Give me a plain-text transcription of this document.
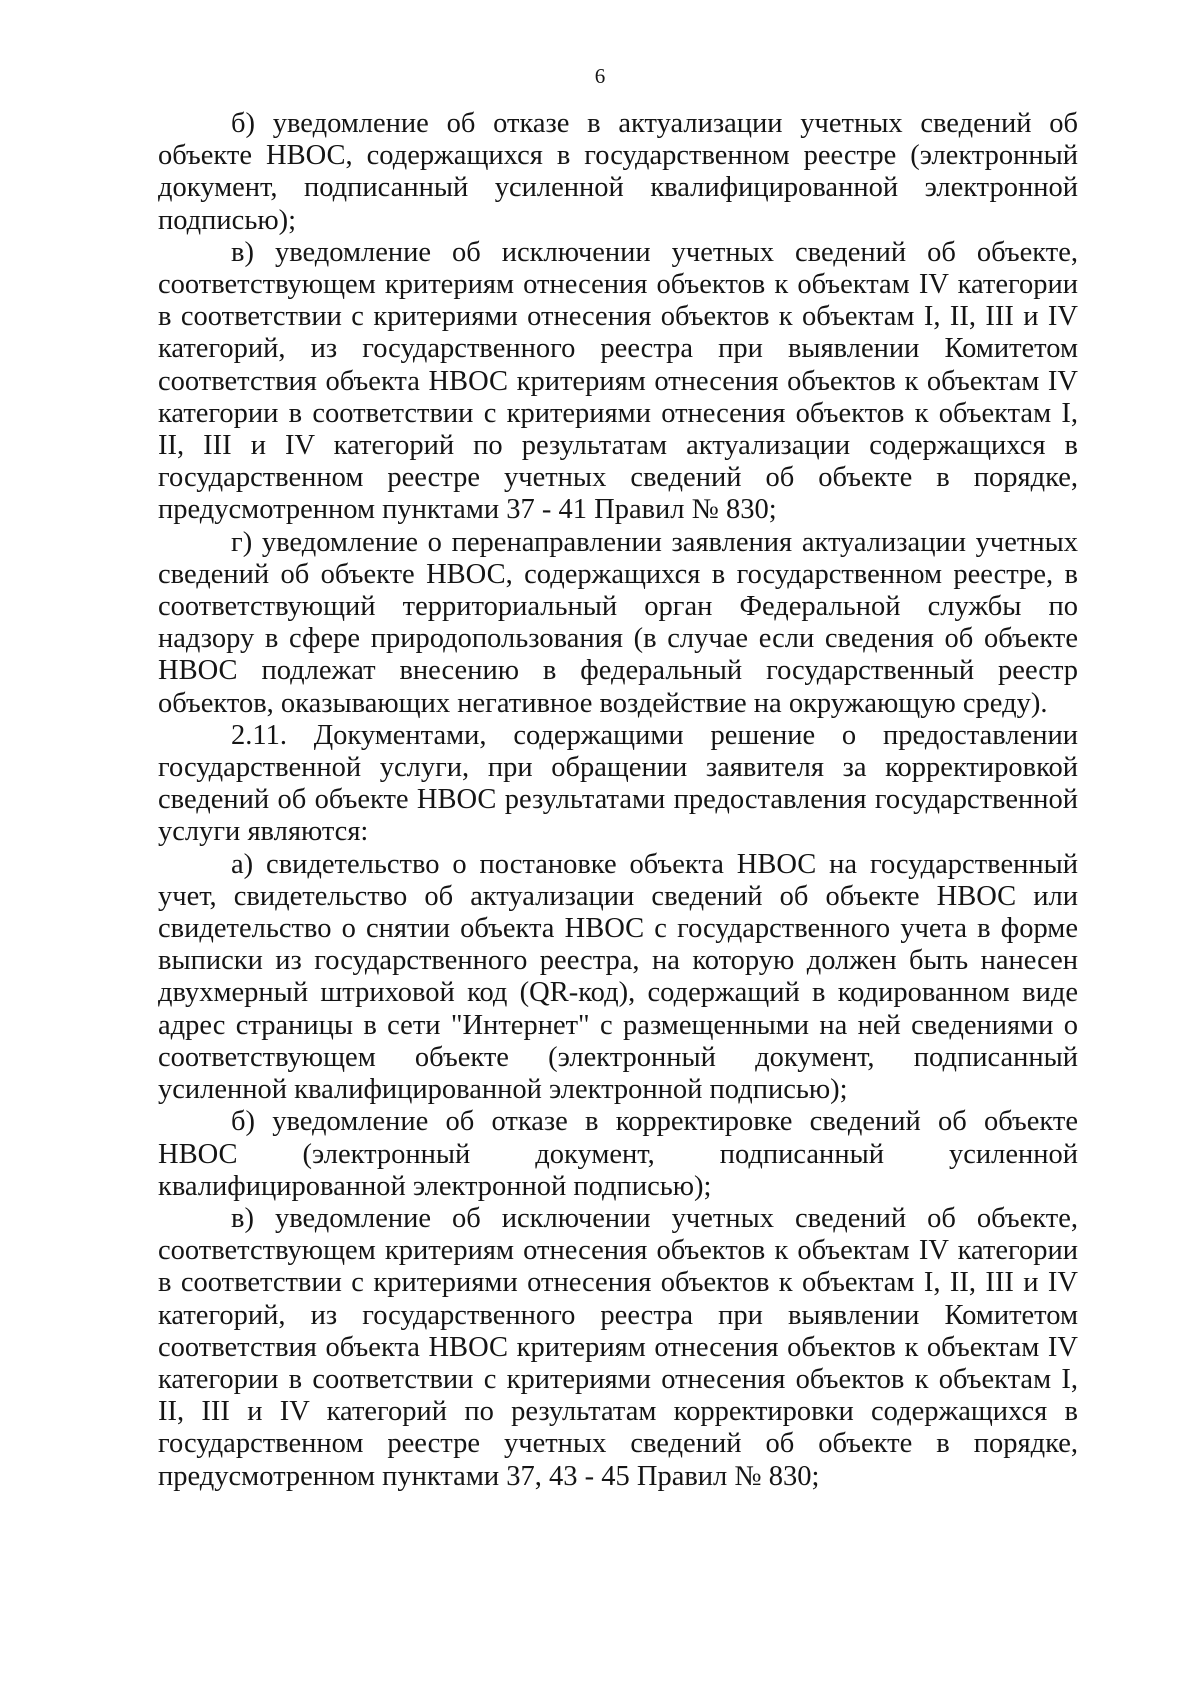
6

б) уведомление об отказе в актуализации учетных сведений об объекте НВОС, содержащихся в государственном реестре (электронный документ, подписанный усиленной квалифицированной электронной подписью);

в) уведомление об исключении учетных сведений об объекте, соответствующем критериям отнесения объектов к объектам IV категории в соответствии с критериями отнесения объектов к объектам I, II, III и IV категорий, из государственного реестра при выявлении Комитетом соответствия объекта НВОС критериям отнесения объектов к объектам IV категории в соответствии с критериями отнесения объектов к объектам I, II, III и IV категорий по результатам актуализации содержащихся в государственном реестре учетных сведений об объекте в порядке, предусмотренном пунктами 37 - 41 Правил № 830;

г) уведомление о перенаправлении заявления актуализации учетных сведений об объекте НВОС, содержащихся в государственном реестре, в соответствующий территориальный орган Федеральной службы по надзору в сфере природопользования (в случае если сведения об объекте НВОС подлежат внесению в федеральный государственный реестр объектов, оказывающих негативное воздействие на окружающую среду).

2.11. Документами, содержащими решение о предоставлении государственной услуги, при обращении заявителя за корректировкой сведений об объекте НВОС результатами предоставления государственной услуги являются:

а) свидетельство о постановке объекта НВОС на государственный учет, свидетельство об актуализации сведений об объекте НВОС или свидетельство о снятии объекта НВОС с государственного учета в форме выписки из государственного реестра, на которую должен быть нанесен двухмерный штриховой код (QR-код), содержащий в кодированном виде адрес страницы в сети "Интернет" с размещенными на ней сведениями о соответствующем объекте (электронный документ, подписанный усиленной квалифицированной электронной подписью);

б) уведомление об отказе в корректировке сведений об объекте НВОС (электронный документ, подписанный усиленной квалифицированной электронной подписью);

в) уведомление об исключении учетных сведений об объекте, соответствующем критериям отнесения объектов к объектам IV категории в соответствии с критериями отнесения объектов к объектам I, II, III и IV категорий, из государственного реестра при выявлении Комитетом соответствия объекта НВОС критериям отнесения объектов к объектам IV категории в соответствии с критериями отнесения объектов к объектам I, II, III и IV категорий по результатам корректировки содержащихся в государственном реестре учетных сведений об объекте в порядке, предусмотренном пунктами 37, 43 - 45 Правил № 830;
